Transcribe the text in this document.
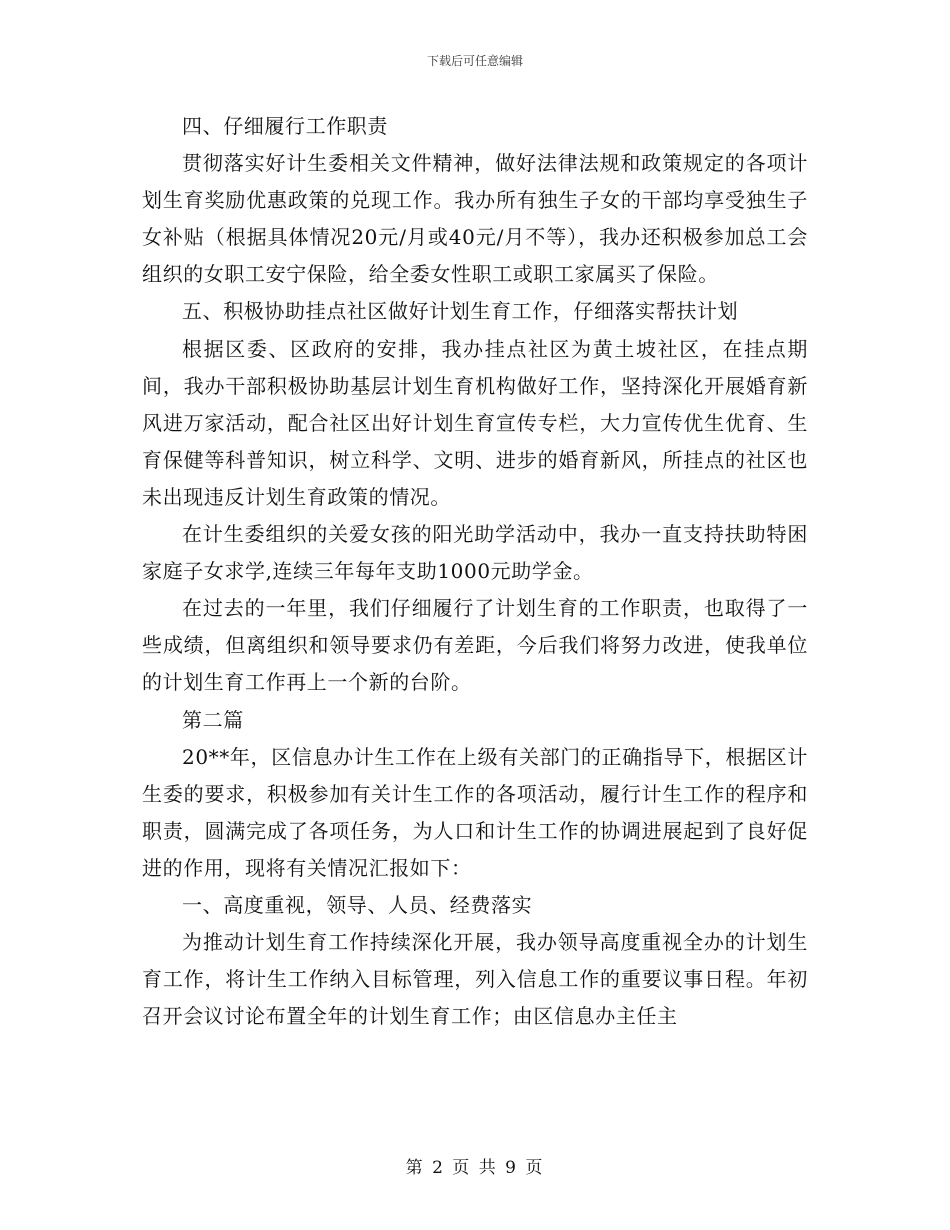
下载后可任意编辑

四、仔细履行工作职责

贯彻落实好计生委相关文件精神，做好法律法规和政策规定的各项计划生育奖励优惠政策的兑现工作。我办所有独生子女的干部均享受独生子女补贴（根据具体情况20元/月或40元/月不等），我办还积极参加总工会组织的女职工安宁保险，给全委女性职工或职工家属买了保险。

五、积极协助挂点社区做好计划生育工作，仔细落实帮扶计划

根据区委、区政府的安排，我办挂点社区为黄土坡社区，在挂点期间，我办干部积极协助基层计划生育机构做好工作，坚持深化开展婚育新风进万家活动，配合社区出好计划生育宣传专栏，大力宣传优生优育、生育保健等科普知识，树立科学、文明、进步的婚育新风，所挂点的社区也未出现违反计划生育政策的情况。

在计生委组织的关爱女孩的阳光助学活动中，我办一直支持扶助特困家庭子女求学,连续三年每年支助1000元助学金。

在过去的一年里，我们仔细履行了计划生育的工作职责，也取得了一些成绩，但离组织和领导要求仍有差距，今后我们将努力改进，使我单位的计划生育工作再上一个新的台阶。

第二篇

20**年，区信息办计生工作在上级有关部门的正确指导下，根据区计生委的要求，积极参加有关计生工作的各项活动，履行计生工作的程序和职责，圆满完成了各项任务，为人口和计生工作的协调进展起到了良好促进的作用，现将有关情况汇报如下：

一、高度重视，领导、人员、经费落实

为推动计划生育工作持续深化开展，我办领导高度重视全办的计划生育工作，将计生工作纳入目标管理，列入信息工作的重要议事日程。年初召开会议讨论布置全年的计划生育工作；由区信息办主任主

第 2 页 共 9 页
